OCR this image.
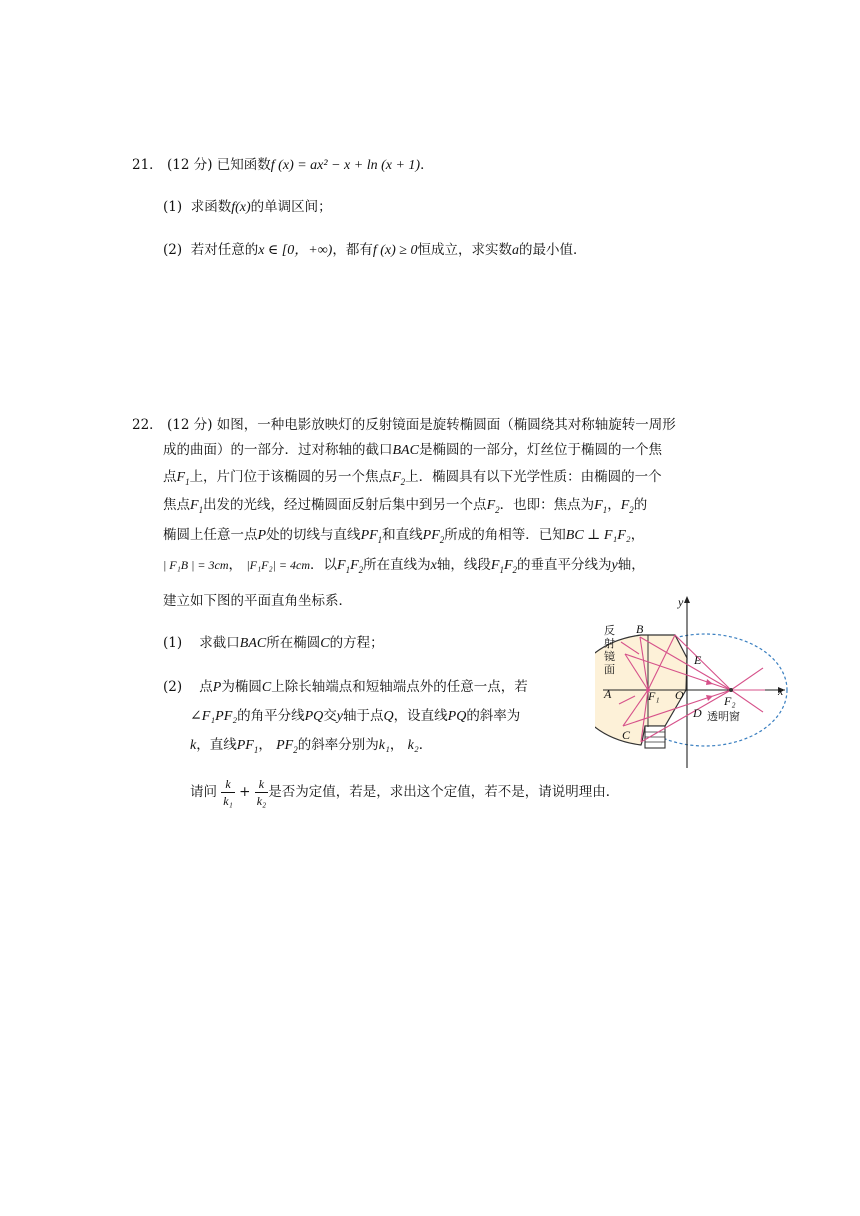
21． (12 分) 已知函数f (x) = ax² − x + ln (x + 1)．
(1) 求函数f(x)的单调区间；
(2) 若对任意的x ∈ [0，+∞)，都有f (x) ≥ 0恒成立，求实数a的最小值．
22． (12 分) 如图，一种电影放映灯的反射镜面是旋转椭圆面（椭圆绕其对称轴旋转一周形
成的曲面）的一部分．过对称轴的截口BAC是椭圆的一部分，灯丝位于椭圆的一个焦
点$F_1$上，片门位于该椭圆的另一个焦点$F_2$上．椭圆具有以下光学性质：由椭圆的一个
焦点$F_1$出发的光线，经过椭圆面反射后集中到另一个点$F_2$．也即：焦点为$F_1$，$F_2$的
椭圆上任意一点P处的切线与直线$PF_1$和直线$PF_2$所成的角相等．已知BC ⊥ F₁F₂，
| F₁B | = 3cm， |F₁F₂| = 4cm．以$F_1F_2$所在直线为x轴，线段$F_1F_2$的垂直平分线为y轴，
建立如下图的平面直角坐标系．
(1) 求截口BAC所在椭圆C的方程；
(2) 点P为椭圆C上除长轴端点和短轴端点外的任意一点，若
∠F₁PF₂的角平分线PQ交y轴于点Q，设直线PQ的斜率为
k，直线$PF_1$， $PF_2$的斜率分别为k₁， k₂．
请问 $\frac{k}{\text{k₁}} + \frac{k}{\text{k₂}}$ 是否为定值，若是，求出这个定值，若不是，请说明理由．
y
x
B
E
A	F₁ O	F₂
D
C
反
射
镜
面
透明窗
